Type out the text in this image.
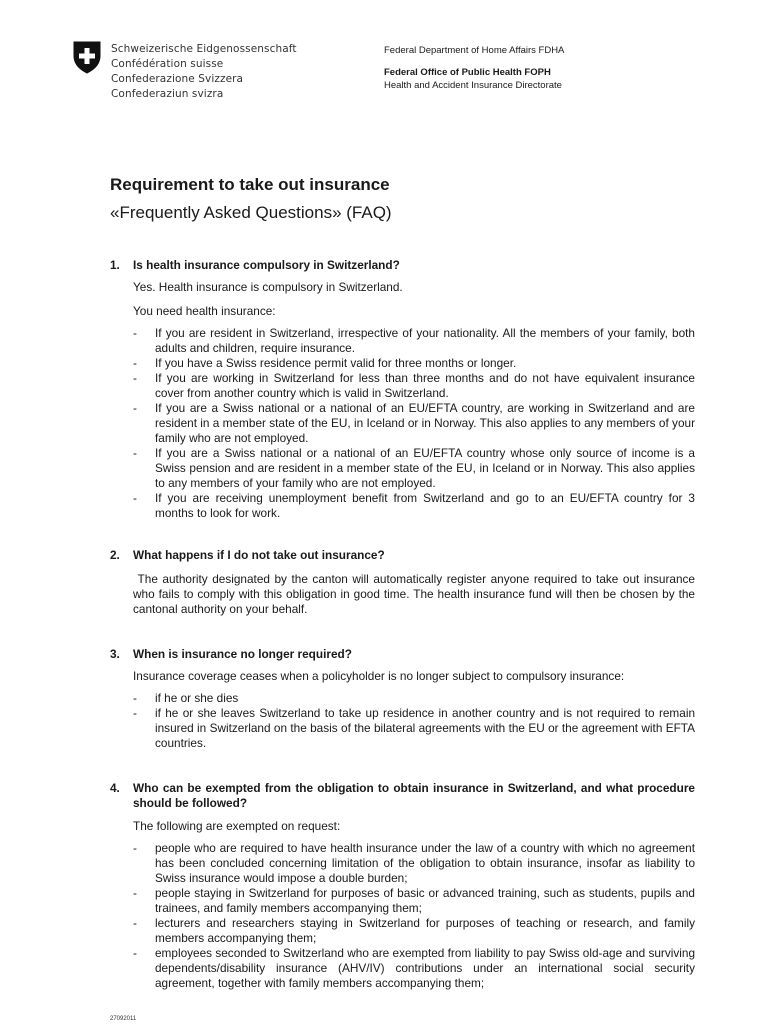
Schweizerische Eidgenossenschaft
Confédération suisse
Confederazione Svizzera
Confederaziun svizra
Federal Department of Home Affairs FDHA
Federal Office of Public Health FOPH
Health and Accident Insurance Directorate
Requirement to take out insurance
«Frequently Asked Questions» (FAQ)
1.	Is health insurance compulsory in Switzerland?
Yes. Health insurance is compulsory in Switzerland.
You need health insurance:
- If you are resident in Switzerland, irrespective of your nationality. All the members of your family, both adults and children, require insurance.
- If you have a Swiss residence permit valid for three months or longer.
- If you are working in Switzerland for less than three months and do not have equivalent insurance cover from another country which is valid in Switzerland.
- If you are a Swiss national or a national of an EU/EFTA country, are working in Switzerland and are resident in a member state of the EU, in Iceland or in Norway. This also applies to any members of your family who are not employed.
- If you are a Swiss national or a national of an EU/EFTA country whose only source of income is a Swiss pension and are resident in a member state of the EU, in Iceland or in Norway. This also applies to any members of your family who are not employed.
- If you are receiving unemployment benefit from Switzerland and go to an EU/EFTA country for 3 months to look for work.
2.	What happens if I do not take out insurance?
The authority designated by the canton will automatically register anyone required to take out insurance who fails to comply with this obligation in good time. The health insurance fund will then be chosen by the cantonal authority on your behalf.
3.	When is insurance no longer required?
Insurance coverage ceases when a policyholder is no longer subject to compulsory insurance:
- if he or she dies
- if he or she leaves Switzerland to take up residence in another country and is not required to remain insured in Switzerland on the basis of the bilateral agreements with the EU or the agreement with EFTA countries.
4.	Who can be exempted from the obligation to obtain insurance in Switzerland, and what procedure should be followed?
The following are exempted on request:
- people who are required to have health insurance under the law of a country with which no agreement has been concluded concerning limitation of the obligation to obtain insurance, insofar as liability to Swiss insurance would impose a double burden;
- people staying in Switzerland for purposes of basic or advanced training, such as students, pupils and trainees, and family members accompanying them;
- lecturers and researchers staying in Switzerland for purposes of teaching or research, and family members accompanying them;
- employees seconded to Switzerland who are exempted from liability to pay Swiss old-age and surviving dependents/disability insurance (AHV/IV) contributions under an international social security agreement, together with family members accompanying them;
27092011
